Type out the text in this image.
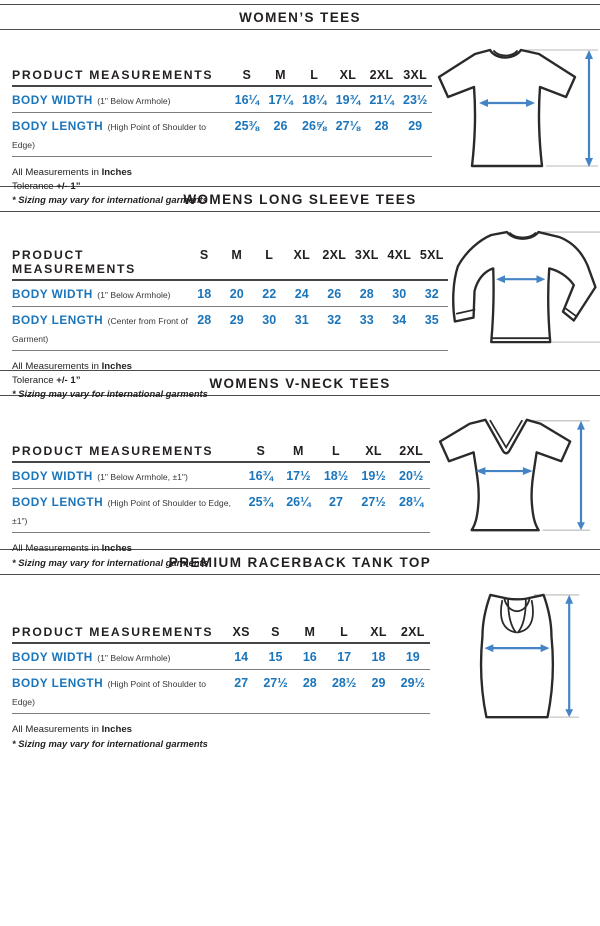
WOMEN’S TEES
PRODUCT MEASUREMENTS	S	M	L	XL	2XL 3XL
BODY WIDTH (1" Below Armhole)	16¼ 17¼ 18¼ 19¾ 21¼ 23½
BODY LENGTH (High Point of Shoulder to Edge)
25⅜	26	26⅝ 27⅛	28	29
All Measurements in Inches
Tolerance +/- 1”
* Sizing may vary for international garments
WOMENS LONG SLEEVE TEES
PRODUCT MEASUREMENTS
S	M	L	XL 2XL 3XL 4XL 5XL
BODY WIDTH (1" Below Armhole)	18	20	22	24	26	28	30	32
BODY LENGTH (Center from Front of Garment)
28	29	30	31	32	33	34	35
All Measurements in Inches
Tolerance +/- 1”
* Sizing may vary for international garments
WOMENS V-NECK TEES
PRODUCT MEASUREMENTS	S	M	L	XL	2XL
BODY WIDTH (1" Below Armhole, ±1")	16¾	17½	18½	19½	20½
BODY LENGTH (High Point of Shoulder to Edge, ±1")
25¾	26¼	27	27½	28¼
All Measurements in Inches
* Sizing may vary for international garments
PREMIUM RACERBACK TANK TOP
PRODUCT MEASUREMENTS	XS	S	M	L	XL	2XL
BODY WIDTH (1" Below Armhole)	14	15	16	17	18	19
BODY LENGTH (High Point of Shoulder to Edge)
27	27½	28	28½	29	29½
All Measurements in Inches
* Sizing may vary for international garments
